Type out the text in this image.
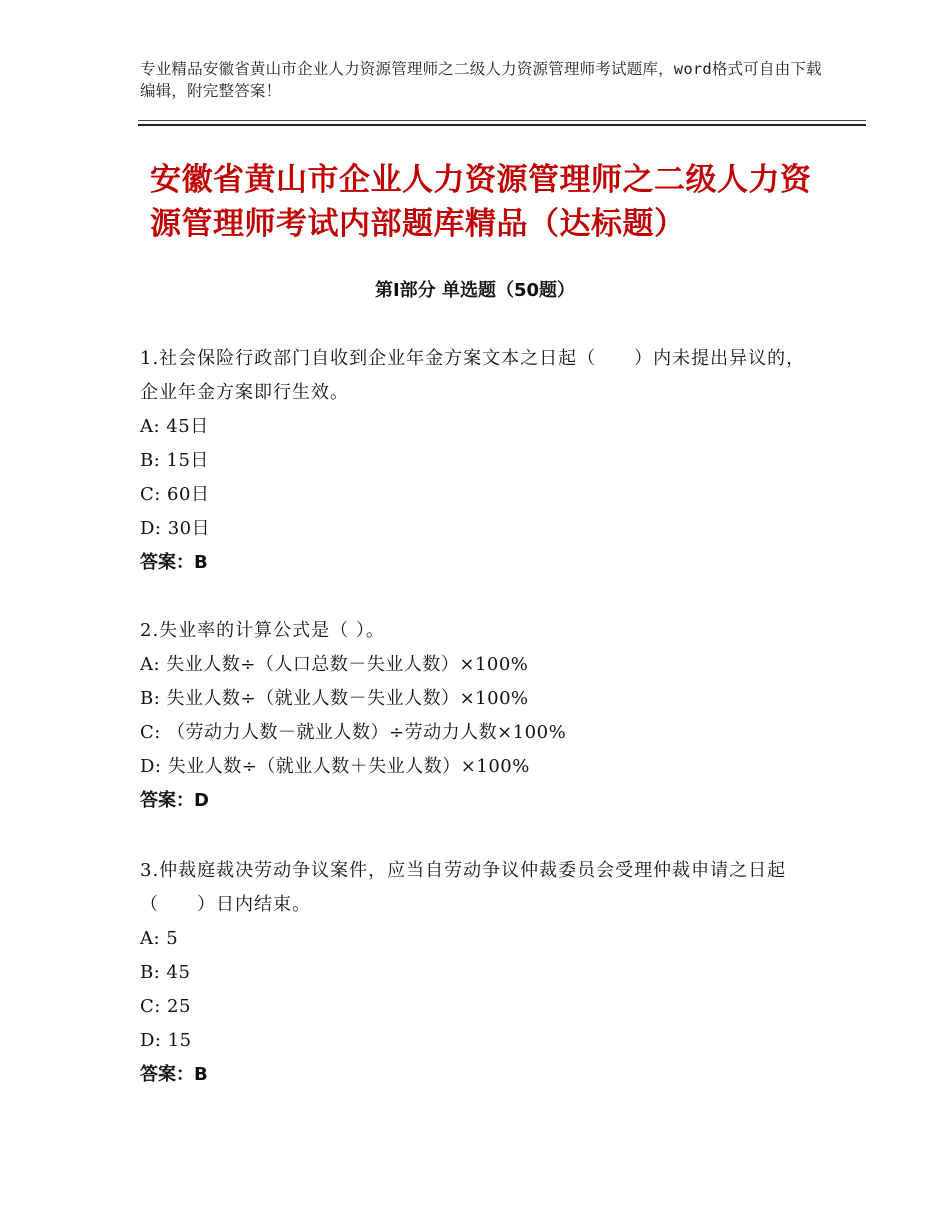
专业精品安徽省黄山市企业人力资源管理师之二级人力资源管理师考试题库，word格式可自由下载编辑，附完整答案！
安徽省黄山市企业人力资源管理师之二级人力资源管理师考试内部题库精品（达标题）
第Ⅰ部分 单选题（50题）
1.社会保险行政部门自收到企业年金方案文本之日起（　　）内未提出异议的，企业年金方案即行生效。
A: 45日
B: 15日
C: 60日
D: 30日
答案：B
2.失业率的计算公式是（ ）。
A: 失业人数÷（人口总数－失业人数）×100%
B: 失业人数÷（就业人数－失业人数）×100%
C: （劳动力人数－就业人数）÷劳动力人数×100%
D: 失业人数÷（就业人数＋失业人数）×100%
答案：D
3.仲裁庭裁决劳动争议案件，应当自劳动争议仲裁委员会受理仲裁申请之日起（　　）日内结束。
A: 5
B: 45
C: 25
D: 15
答案：B
